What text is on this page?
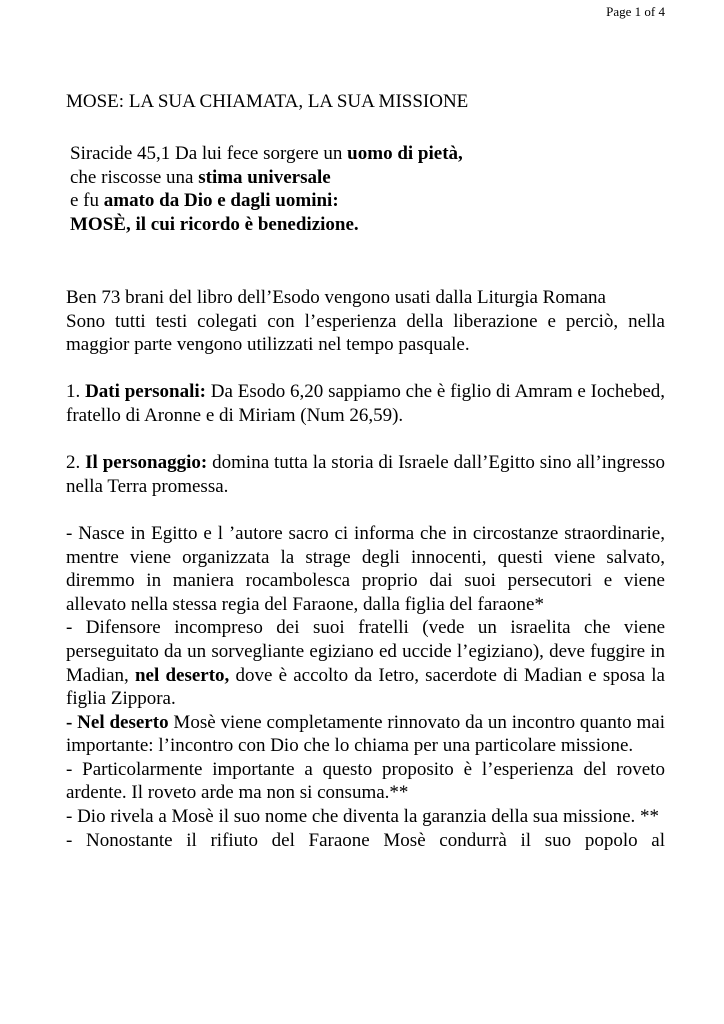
Page 1 of 4
MOSE: LA SUA CHIAMATA, LA SUA MISSIONE
Siracide 45,1 Da lui fece sorgere un uomo di pietà,
che riscosse una stima universale
e fu amato da Dio e dagli uomini:
MOSÈ, il cui ricordo è benedizione.

Ben 73 brani del libro dell’Esodo vengono usati dalla Liturgia Romana

Sono tutti testi colegati con l’esperienza della liberazione e perciò, nella maggior parte vengono utilizzati nel tempo pasquale.

1. Dati personali: Da Esodo 6,20 sappiamo che è figlio di Amram e Iochebed, fratello di Aronne e di Miriam (Num 26,59).

2. Il personaggio: domina tutta la storia di Israele dall’Egitto sino all’ingresso nella Terra promessa.

- Nasce in Egitto e l ’autore sacro ci informa che in circostanze straordinarie, mentre viene organizzata la strage degli innocenti, questi viene salvato, diremmo in maniera rocambolesca proprio dai suoi persecutori e viene allevato nella stessa regia del Faraone, dalla figlia del faraone*

- Difensore incompreso dei suoi fratelli (vede un israelita che viene perseguitato da un sorvegliante egiziano ed uccide l’egiziano), deve fuggire in Madian, nel deserto, dove è accolto da Ietro, sacerdote di Madian e sposa la figlia Zippora.

- Nel deserto Mosè viene completamente rinnovato da un incontro quanto mai importante: l’incontro con Dio che lo chiama per una particolare missione.

- Particolarmente importante a questo proposito è l’esperienza del roveto ardente. Il roveto arde ma non si consuma.**

- Dio rivela a Mosè il suo nome che diventa la garanzia della sua missione. **

- Nonostante il rifiuto del Faraone Mosè condurrà il suo popolo al
